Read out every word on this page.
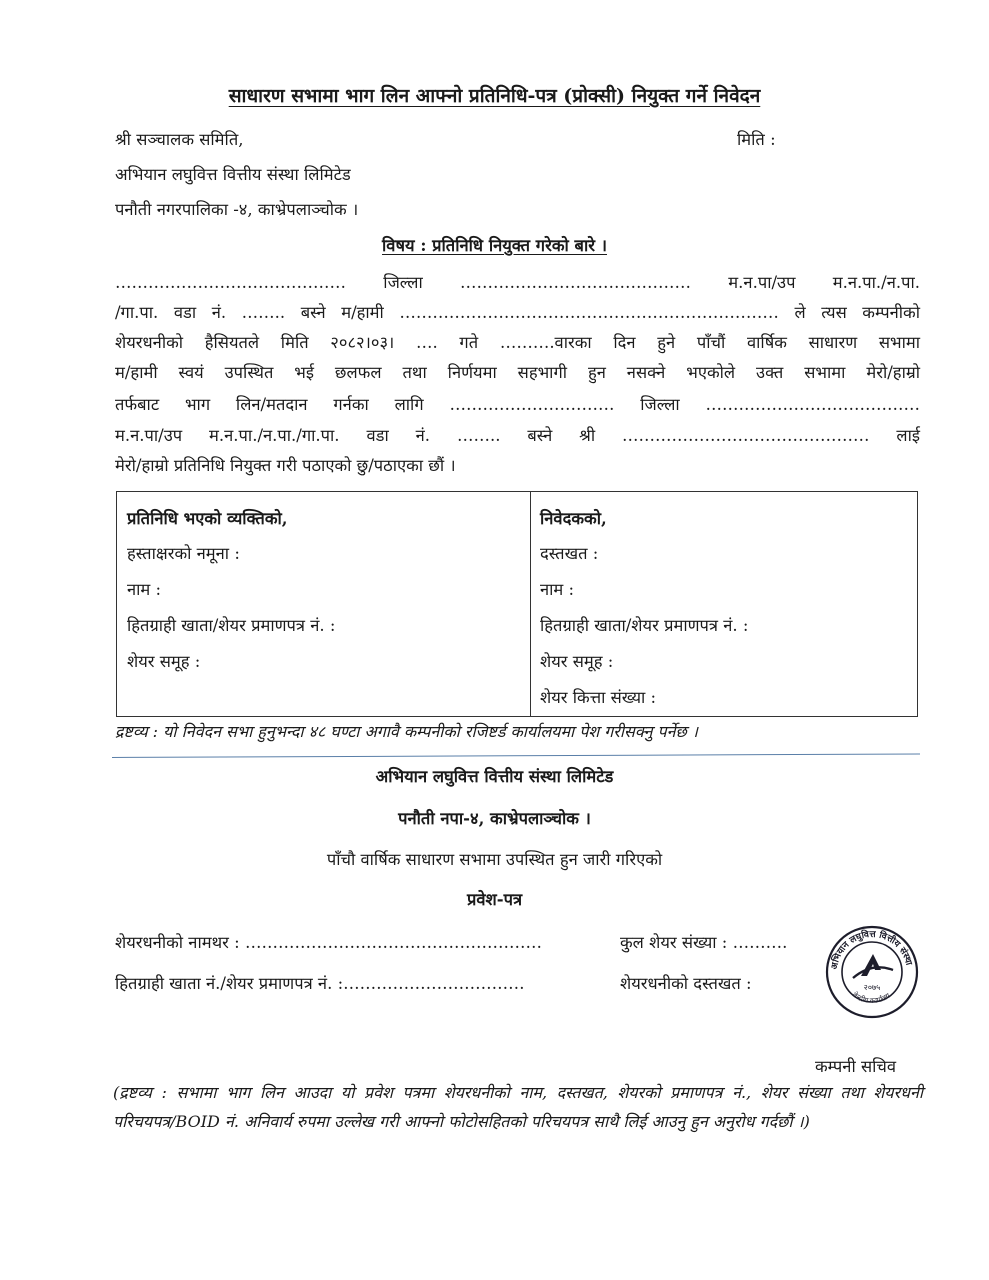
साधारण सभामा भाग लिन आफ्नो प्रतिनिधि-पत्र (प्रोक्सी) नियुक्त गर्ने निवेदन
श्री सञ्चालक समिति,	मिति :
अभियान लघुवित्त वित्तीय संस्था लिमिटेड
पनौती नगरपालिका -४, काभ्रेपलाञ्चोक ।
विषय : प्रतिनिधि नियुक्त गरेको बारे ।
…………………………………… जिल्ला …………………………………… म.न.पा/उप म.न.पा./न.पा.
/गा.पा. वडा नं. …….. बस्ने म/हामी …………………………………………………………… ले त्यस कम्पनीको
शेयरधनीको हैसियतले मिति २०८२।०३। …. गते ……….वारका दिन हुने पाँचौं वार्षिक साधारण सभामा
म/हामी स्वयं उपस्थित भई छलफल तथा निर्णयमा सहभागी हुन नसक्ने भएकोले उक्त सभामा मेरो/हाम्रो
तर्फबाट भाग लिन/मतदान गर्नका लागि ………………………… जिल्ला …………………………………
म.न.पा/उप म.न.पा./न.पा./गा.पा. वडा नं. …….. बस्ने श्री ……………………………………… लाई
मेरो/हाम्रो प्रतिनिधि नियुक्त गरी पठाएको छु/पठाएका छौं ।
प्रतिनिधि भएको व्यक्तिको,
हस्ताक्षरको नमूना :
नाम :
हितग्राही खाता/शेयर प्रमाणपत्र नं. :
शेयर समूह :
निवेदकको,
दस्तखत :
नाम :
हितग्राही खाता/शेयर प्रमाणपत्र नं. :
शेयर समूह :
शेयर कित्ता संख्या :
द्रष्टव्य : यो निवेदन सभा हुनुभन्दा ४८ घण्टा अगावै कम्पनीको रजिष्टर्ड कार्यालयमा पेश गरीसक्नु पर्नेछ ।
अभियान लघुवित्त वित्तीय संस्था लिमिटेड
पनौती नपा-४, काभ्रेपलाञ्चोक ।
पाँचौ वार्षिक साधारण सभामा उपस्थित हुन जारी गरिएको
प्रवेश-पत्र
शेयरधनीको नामथर : ………………………………………………	कुल शेयर संख्या : ……….
हितग्राही खाता नं./शेयर प्रमाणपत्र नं. :……………………………	शेयरधनीको दस्तखत :
अभियान लघुवित्त वित्तीय संस्था
केन्द्रीय कार्यालय
२०७५
कम्पनी सचिव
(द्रष्टव्य : सभामा भाग लिन आउदा यो प्रवेश पत्रमा शेयरधनीको नाम, दस्तखत, शेयरको प्रमाणपत्र नं., शेयर संख्या तथा शेयरधनी परिचयपत्र/BOID नं. अनिवार्य रुपमा उल्लेख गरी आफ्नो फोटोसहितको परिचयपत्र साथै लिई आउनु हुन अनुरोध गर्दछौं ।)
